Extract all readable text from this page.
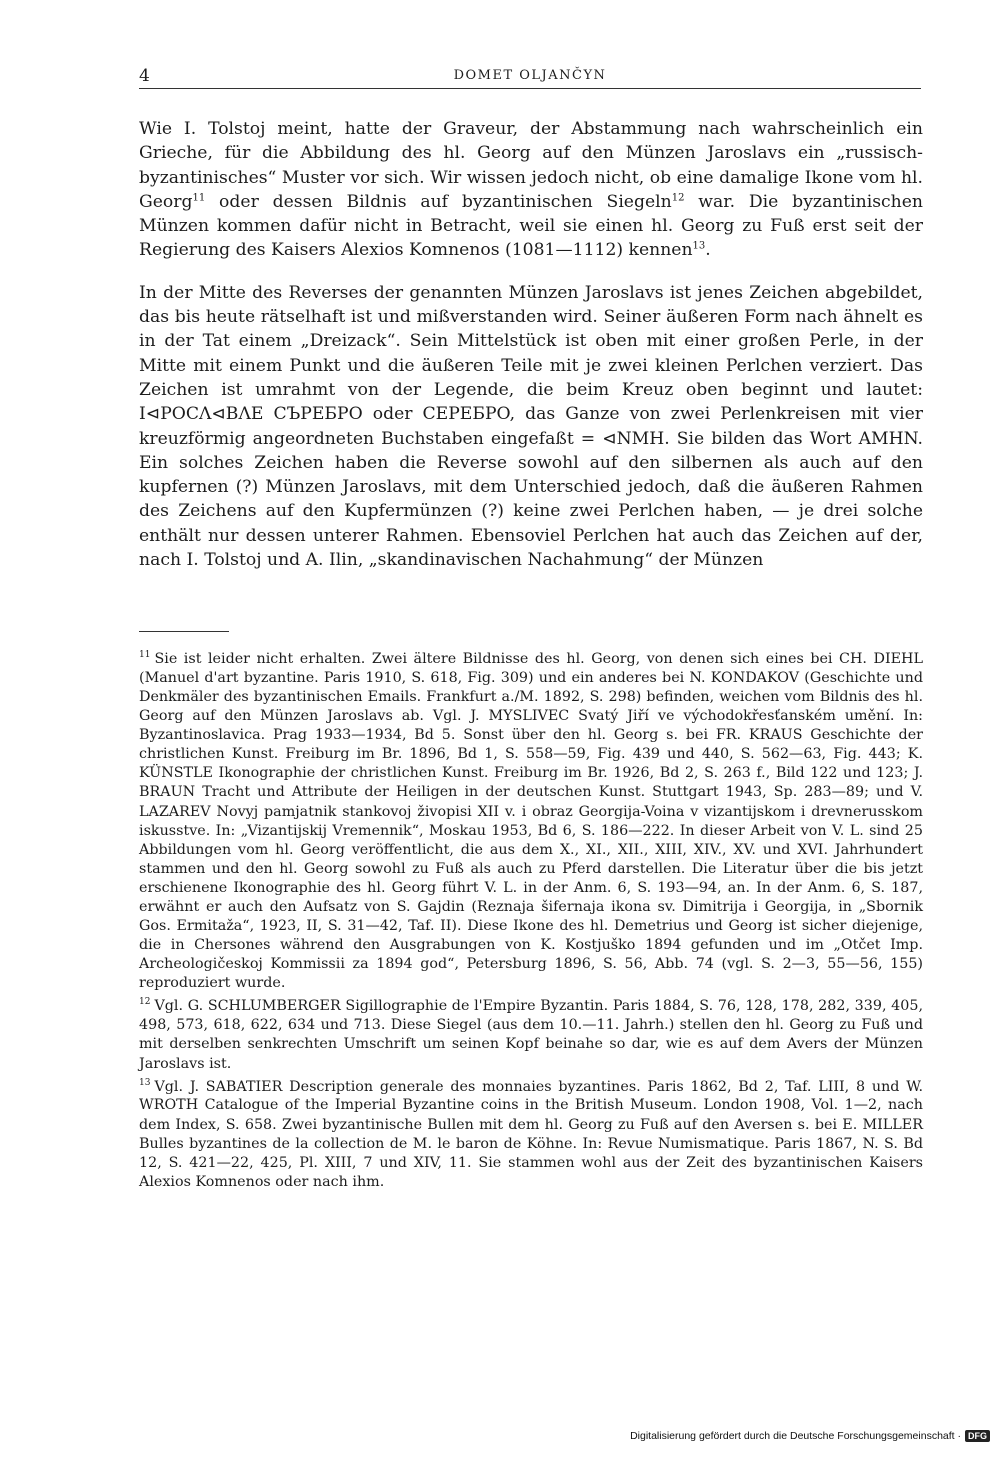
4	DOMET OLJANČYN

Wie I. Tolstoj meint, hatte der Graveur, der Abstammung nach wahrscheinlich ein Grieche, für die Abbildung des hl. Georg auf den Münzen Jaroslavs ein „russisch-byzantinisches“ Muster vor sich. Wir wissen jedoch nicht, ob eine damalige Ikone vom hl. Georg$^{11}$ oder dessen Bildnis auf byzantinischen Siegeln$^{12}$ war. Die byzantinischen Münzen kommen dafür nicht in Betracht, weil sie einen hl. Georg zu Fuß erst seit der Regierung des Kaisers Alexios Komnenos (1081—1112) kennen$^{13}$.

In der Mitte des Reverses der genannten Münzen Jaroslavs ist jenes Zeichen abgebildet, das bis heute rätselhaft ist und mißverstanden wird. Seiner äußeren Form nach ähnelt es in der Tat einem „Dreizack“. Sein Mittelstück ist oben mit einer großen Perle, in der Mitte mit einem Punkt und die äußeren Teile mit je zwei kleinen Perlchen verziert. Das Zeichen ist umrahmt von der Legende, die beim Kreuz oben beginnt und lautet: I⊲POCΛ⊲BΛE CЪPEБPO oder CEPEБPO, das Ganze von zwei Perlenkreisen mit vier kreuzförmig angeordneten Buchstaben eingefaßt = ⊲NMH. Sie bilden das Wort AMHN. Ein solches Zeichen haben die Reverse sowohl auf den silbernen als auch auf den kupfernen (?) Münzen Jaroslavs, mit dem Unterschied jedoch, daß die äußeren Rahmen des Zeichens auf den Kupfermünzen (?) keine zwei Perlchen haben, — je drei solche enthält nur dessen unterer Rahmen. Ebensoviel Perlchen hat auch das Zeichen auf der, nach I. Tolstoj und A. Ilin, „skandinavischen Nachahmung“ der Münzen

$^{11}$ Sie ist leider nicht erhalten. Zwei ältere Bildnisse des hl. Georg, von denen sich eines bei CH. DIEHL (Manuel d'art byzantine. Paris 1910, S. 618, Fig. 309) und ein anderes bei N. KONDAKOV (Geschichte und Denkmäler des byzantinischen Emails. Frankfurt a./M. 1892, S. 298) befinden, weichen vom Bildnis des hl. Georg auf den Münzen Jaroslavs ab. Vgl. J. MYSLIVEC Svatý Jiří ve východokřesťanském umění. In: Byzantinoslavica. Prag 1933—1934, Bd 5. Sonst über den hl. Georg s. bei FR. KRAUS Geschichte der christlichen Kunst. Freiburg im Br. 1896, Bd 1, S. 558—59, Fig. 439 und 440, S. 562—63, Fig. 443; K. KÜNSTLE Ikonographie der christlichen Kunst. Freiburg im Br. 1926, Bd 2, S. 263 f., Bild 122 und 123; J. BRAUN Tracht und Attribute der Heiligen in der deutschen Kunst. Stuttgart 1943, Sp. 283—89; und V. LAZAREV Novyj pamjatnik stankovoj živopisi XII v. i obraz Georgija-Voina v vizantijskom i drevnerusskom iskusstve. In: „Vizantijskij Vremennik“, Moskau 1953, Bd 6, S. 186—222. In dieser Arbeit von V. L. sind 25 Abbildungen vom hl. Georg veröffentlicht, die aus dem X., XI., XII., XIII, XIV., XV. und XVI. Jahrhundert stammen und den hl. Georg sowohl zu Fuß als auch zu Pferd darstellen. Die Literatur über die bis jetzt erschienene Ikonographie des hl. Georg führt V. L. in der Anm. 6, S. 193—94, an. In der Anm. 6, S. 187, erwähnt er auch den Aufsatz von S. Gajdin (Reznaja šifernaja ikona sv. Dimitrija i Georgija, in „Sbornik Gos. Ermitaža“, 1923, II, S. 31—42, Taf. II). Diese Ikone des hl. Demetrius und Georg ist sicher diejenige, die in Chersones während den Ausgrabungen von K. Kostjuško 1894 gefunden und im „Otčet Imp. Archeologičeskoj Kommissii za 1894 god“, Petersburg 1896, S. 56, Abb. 74 (vgl. S. 2—3, 55—56, 155) reproduziert wurde.

$^{12}$ Vgl. G. SCHLUMBERGER Sigillographie de l'Empire Byzantin. Paris 1884, S. 76, 128, 178, 282, 339, 405, 498, 573, 618, 622, 634 und 713. Diese Siegel (aus dem 10.—11. Jahrh.) stellen den hl. Georg zu Fuß und mit derselben senkrechten Umschrift um seinen Kopf beinahe so dar, wie es auf dem Avers der Münzen Jaroslavs ist.

$^{13}$ Vgl. J. SABATIER Description generale des monnaies byzantines. Paris 1862, Bd 2, Taf. LIII, 8 und W. WROTH Catalogue of the Imperial Byzantine coins in the British Museum. London 1908, Vol. 1—2, nach dem Index, S. 658. Zwei byzantinische Bullen mit dem hl. Georg zu Fuß auf den Aversen s. bei E. MILLER Bulles byzantines de la collection de M. le baron de Köhne. In: Revue Numismatique. Paris 1867, N. S. Bd 12, S. 421—22, 425, Pl. XIII, 7 und XIV, 11. Sie stammen wohl aus der Zeit des byzantinischen Kaisers Alexios Komnenos oder nach ihm.

Digitalisierung gefördert durch die Deutsche Forschungsgemeinschaft · DFG
